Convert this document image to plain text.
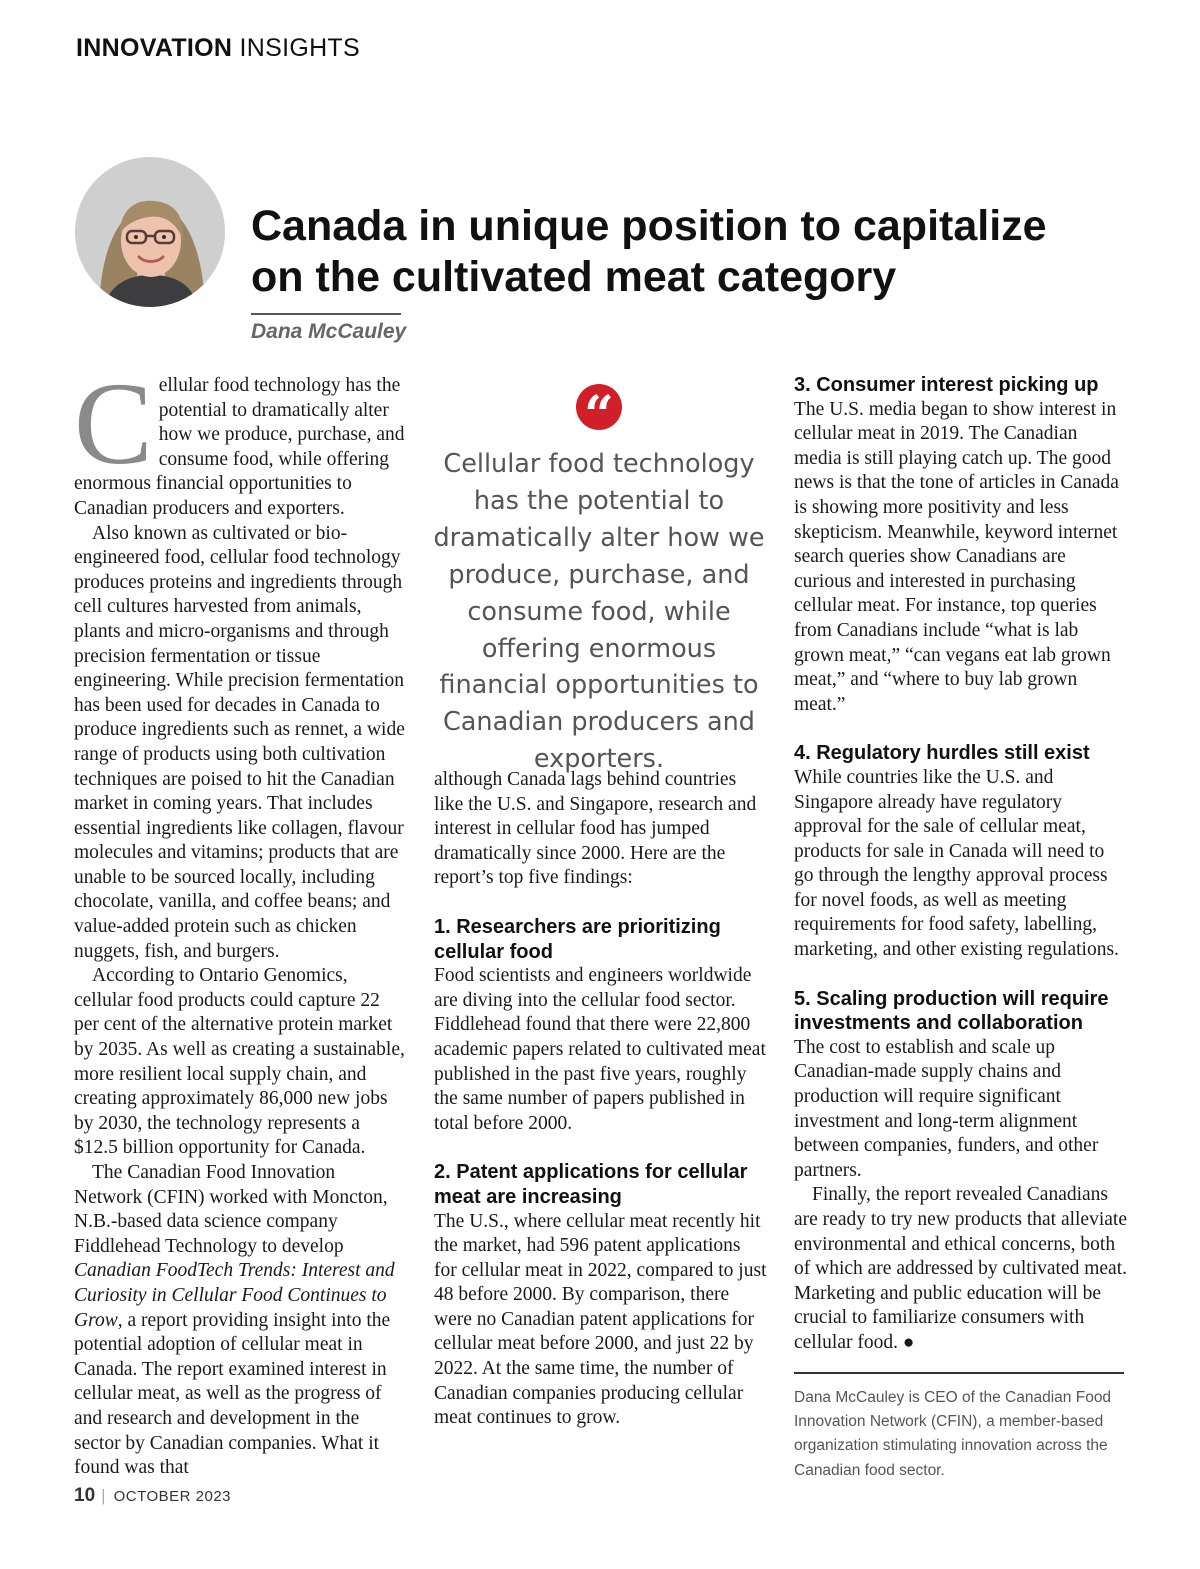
INNOVATION INSIGHTS
Canada in unique position to capitalize
on the cultivated meat category
Dana McCauley

Cellular food technology has the potential to dramatically alter how we produce, purchase, and consume food, while offering enormous financial opportunities to Canadian producers and exporters.

Also known as cultivated or bio-engineered food, cellular food technology produces proteins and ingredients through cell cultures harvested from animals, plants and micro-organisms and through precision fermentation or tissue engineering. While precision fermentation has been used for decades in Canada to produce ingredients such as rennet, a wide range of products using both cultivation techniques are poised to hit the Canadian market in coming years. That includes essential ingredients like collagen, flavour molecules and vitamins; products that are unable to be sourced locally, including chocolate, vanilla, and coffee beans; and value-added protein such as chicken nuggets, fish, and burgers.

According to Ontario Genomics, cellular food products could capture 22 per cent of the alternative protein market by 2035. As well as creating a sustainable, more resilient local supply chain, and creating approximately 86,000 new jobs by 2030, the technology represents a $12.5 billion opportunity for Canada.

The Canadian Food Innovation Network (CFIN) worked with Moncton, N.B.-based data science company Fiddlehead Technology to develop Canadian FoodTech Trends: Interest and Curiosity in Cellular Food Continues to Grow, a report providing insight into the potential adoption of cellular meat in Canada. The report examined interest in cellular meat, as well as the progress of and research and development in the sector by Canadian companies. What it found was that

“

Cellular food technology has the potential to dramatically alter how we produce, purchase, and consume food, while offering enormous financial opportunities to Canadian producers and exporters.

although Canada lags behind countries like the U.S. and Singapore, research and interest in cellular food has jumped dramatically since 2000. Here are the report’s top five findings:

1. Researchers are prioritizing cellular food

Food scientists and engineers worldwide are diving into the cellular food sector. Fiddlehead found that there were 22,800 academic papers related to cultivated meat published in the past five years, roughly the same number of papers published in total before 2000.

2. Patent applications for cellular meat are increasing

The U.S., where cellular meat recently hit the market, had 596 patent applications for cellular meat in 2022, compared to just 48 before 2000. By comparison, there were no Canadian patent applications for cellular meat before 2000, and just 22 by 2022. At the same time, the number of Canadian companies producing cellular meat continues to grow.

3. Consumer interest picking up

The U.S. media began to show interest in cellular meat in 2019. The Canadian media is still playing catch up. The good news is that the tone of articles in Canada is showing more positivity and less skepticism. Meanwhile, keyword internet search queries show Canadians are curious and interested in purchasing cellular meat. For instance, top queries from Canadians include “what is lab grown meat,” “can vegans eat lab grown meat,” and “where to buy lab grown meat.”

4. Regulatory hurdles still exist

While countries like the U.S. and Singapore already have regulatory approval for the sale of cellular meat, products for sale in Canada will need to go through the lengthy approval process for novel foods, as well as meeting requirements for food safety, labelling, marketing, and other existing regulations.

5. Scaling production will require investments and collaboration

The cost to establish and scale up Canadian-made supply chains and production will require significant investment and long-term alignment between companies, funders, and other partners.

Finally, the report revealed Canadians are ready to try new products that alleviate environmental and ethical concerns, both of which are addressed by cultivated meat. Marketing and public education will be crucial to familiarize consumers with cellular food. ●

Dana McCauley is CEO of the Canadian Food Innovation Network (CFIN), a member-based organization stimulating innovation across the Canadian food sector.

10 | OCTOBER 2023
